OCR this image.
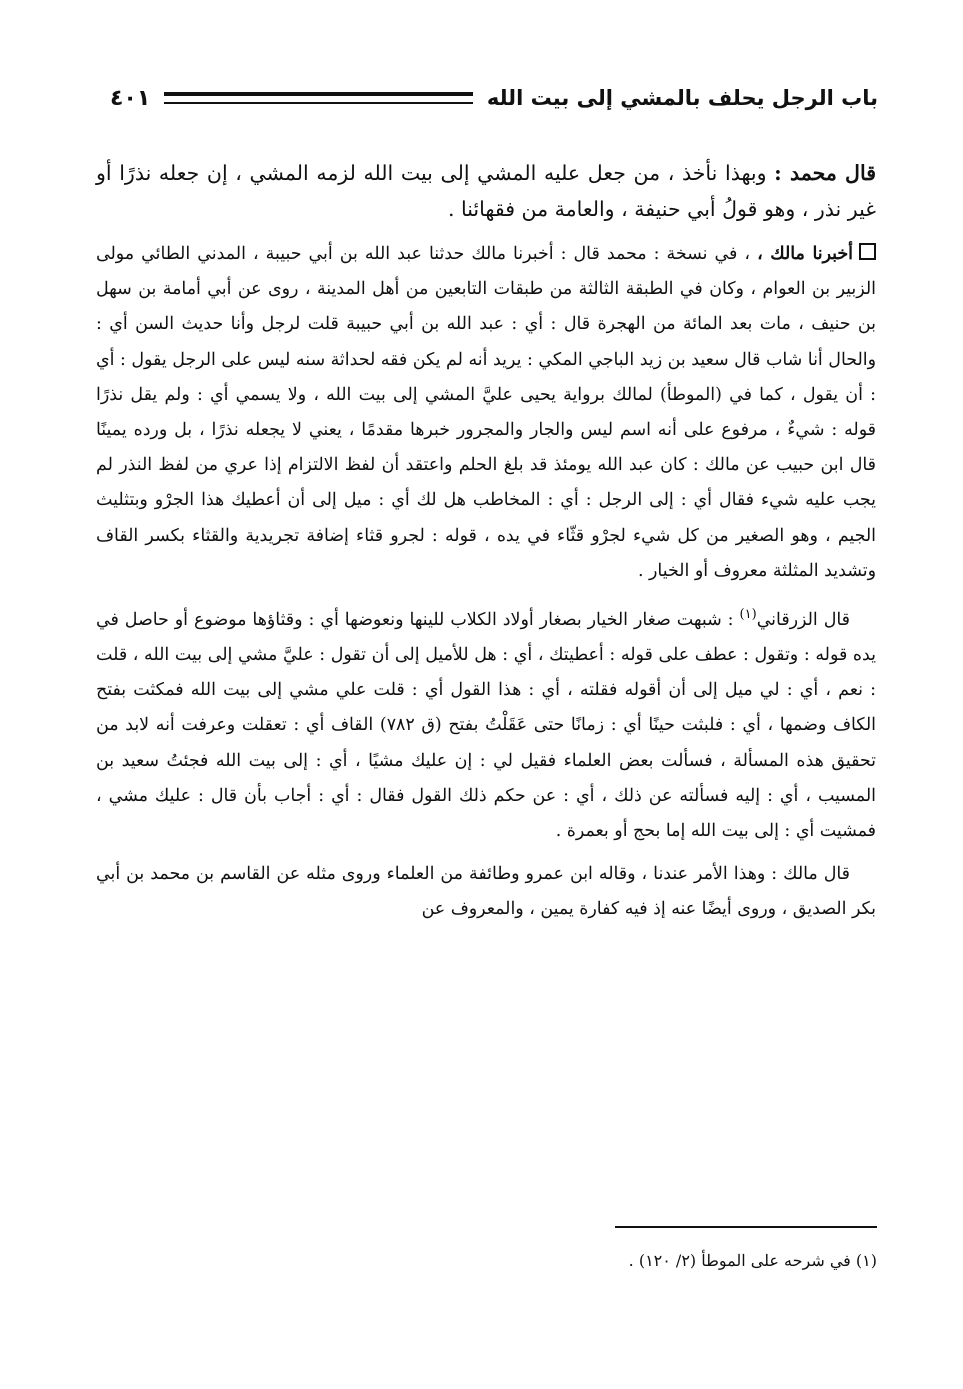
باب الرجل يحلف بالمشي إلى بيت الله
٤٠١

قال محمد : وبهذا نأخذ ، من جعل عليه المشي إلى بيت الله لزمه المشي ، إن جعله نذرًا أو غير نذر ، وهو قولُ أبي حنيفة ، والعامة من فقهائنا .

أخبرنا مالك ، ، في نسخة : محمد قال : أخبرنا مالك حدثنا عبد الله بن أبي حبيبة ، المدني الطائي مولى الزبير بن العوام ، وكان في الطبقة الثالثة من طبقات التابعين من أهل المدينة ، روى عن أبي أمامة بن سهل بن حنيف ، مات بعد المائة من الهجرة قال : أي : عبد الله بن أبي حبيبة قلت لرجل وأنا حديث السن أي : والحال أنا شاب قال سعيد بن زيد الباجي المكي : يريد أنه لم يكن فقه لحداثة سنه ليس على الرجل يقول : أي : أن يقول ، كما في (الموطأ) لمالك برواية يحيى عليَّ المشي إلى بيت الله ، ولا يسمي أي : ولم يقل نذرًا قوله : شيءٌ ، مرفوع على أنه اسم ليس والجار والمجرور خبرها مقدمًا ، يعني لا يجعله نذرًا ، بل ورده يمينًا قال ابن حبيب عن مالك : كان عبد الله يومئذ قد بلغ الحلم واعتقد أن لفظ الالتزام إذا عري من لفظ النذر لم يجب عليه شيء فقال أي : إلى الرجل : أي : المخاطب هل لك أي : ميل إلى أن أعطيك هذا الجرْو وبتثليث الجيم ، وهو الصغير من كل شيء لجرْو قثّاء في يده ، قوله : لجرو قثاء إضافة تجريدية والقثاء بكسر القاف وتشديد المثلثة معروف أو الخيار .

قال الزرقاني$^{(١)}$ : شبهت صغار الخيار بصغار أولاد الكلاب للينها ونعوضها أي : وقثاؤها موضوع أو حاصل في يده قوله : وتقول : عطف على قوله : أعطيتك ، أي : هل للأميل إلى أن تقول : عليَّ مشي إلى بيت الله ، قلت : نعم ، أي : لي ميل إلى أن أقوله فقلته ، أي : هذا القول أي : قلت علي مشي إلى بيت الله فمكثت بفتح الكاف وضمها ، أي : فلبثت حينًا أي : زمانًا حتى عَقَلْتُ بفتح (ق ٧٨٢) القاف أي : تعقلت وعرفت أنه لابد من تحقيق هذه المسألة ، فسألت بعض العلماء فقيل لي : إن عليك مشيًا ، أي : إلى بيت الله فجئتُ سعيد بن المسيب ، أي : إليه فسألته عن ذلك ، أي : عن حكم ذلك القول فقال : أي : أجاب بأن قال : عليك مشي ، فمشيت أي : إلى بيت الله إما بحج أو بعمرة .

قال مالك : وهذا الأمر عندنا ، وقاله ابن عمرو وطائفة من العلماء وروى مثله عن القاسم بن محمد بن أبي بكر الصديق ، وروى أيضًا عنه إذ فيه كفارة يمين ، والمعروف عن

(١) في شرحه على الموطأ (٢/ ١٢٠) .
